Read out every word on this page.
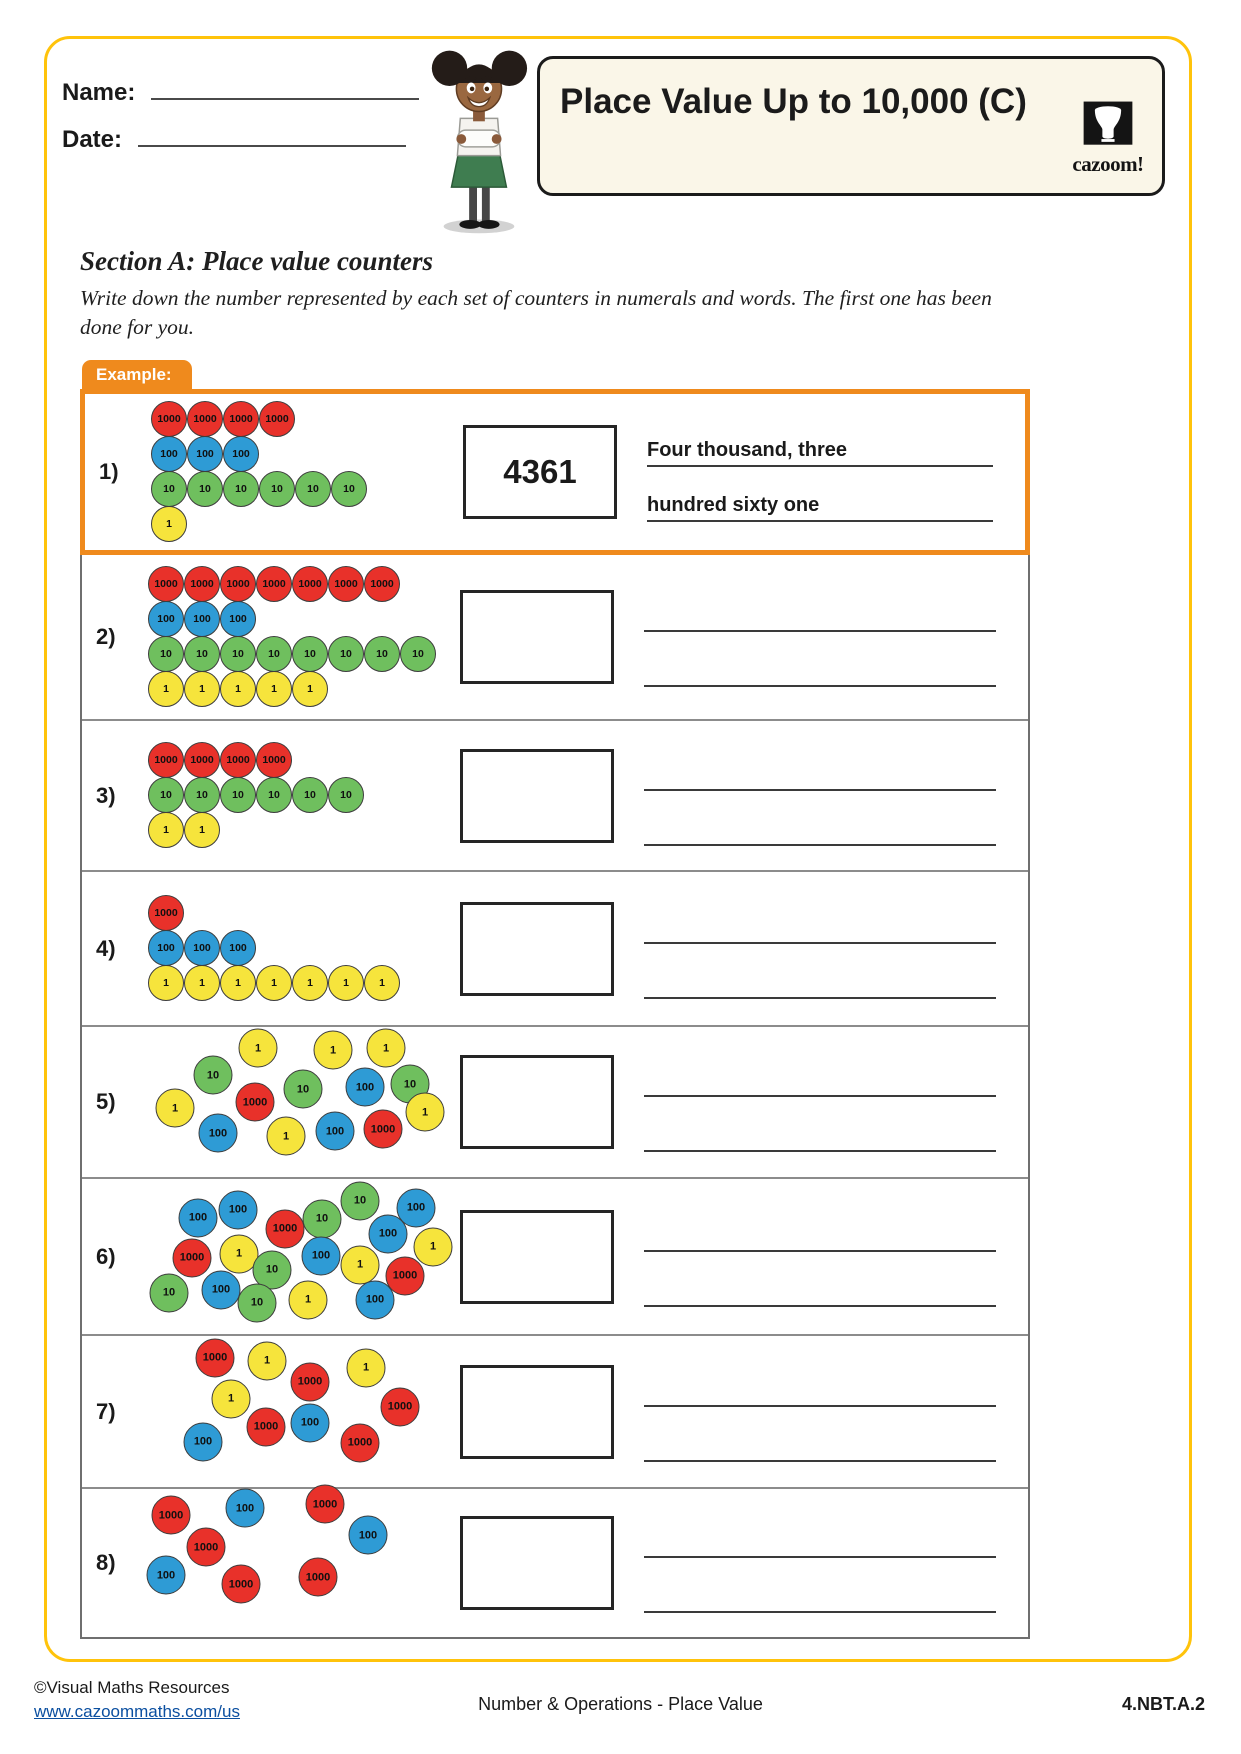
Name:
Date:
Place Value Up to 10,000 (C)
cazoom!
Section A: Place value counters
Write down the number represented by each set of counters in numerals and words. The first one has been done for you.
Example:
1)
1000	1000	1000	1000
100	100	100
10	10	10	10	10	10
1
4361
Four thousand, three
hundred sixty one
2)
1000	1000	1000	1000	1000	1000	1000
100	100	100
10	10	10	10	10	10	10	10
1	1	1	1	1
3)
1000	1000	1000	1000
10	10	10	10	10	10
1	1
4)
1000
100	100	100
1	1	1	1	1	1	1
5)
1	1	1
10
1	1000
10	100	10
100	1	100	1000
1
6)
100
100
1000
10
10
100
100
1
1000	1
10
100
1
1000
10	100
10	1	100
7)
1000	1
1
1000
1
1000
1000	100
100	1000
8)
1000
100	1000
1000
100
100
1000
1000
©Visual Maths Resources
www.cazoommaths.com/us	Number & Operations - Place Value	4.NBT.A.2
